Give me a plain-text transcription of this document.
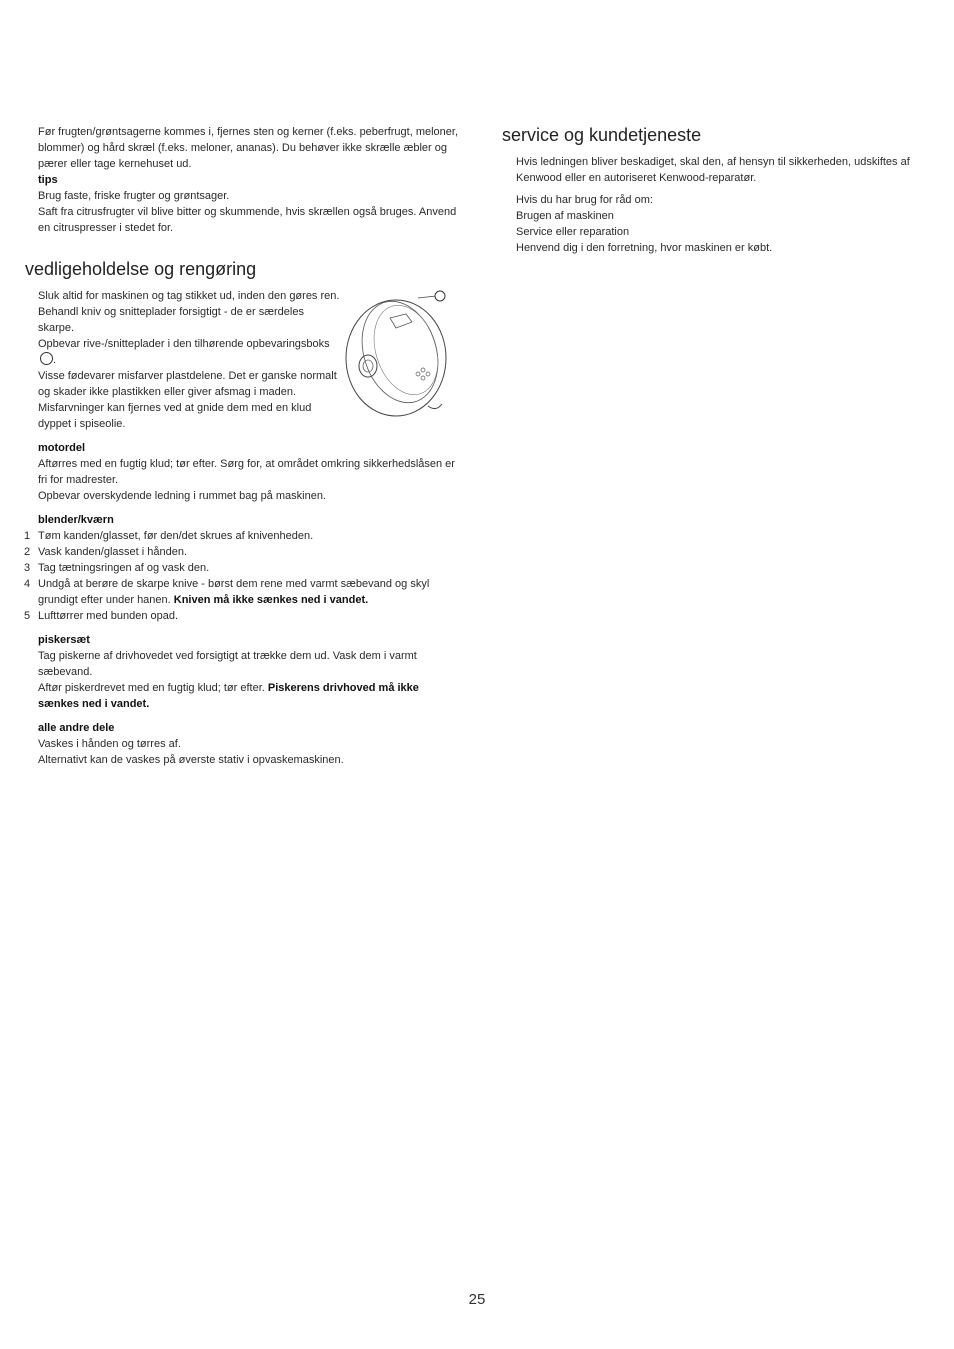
Før frugten/grøntsagerne kommes i, fjernes sten og kerner (f.eks. peberfrugt, meloner, blommer) og hård skræl (f.eks. meloner, ananas). Du behøver ikke skrælle æbler og pærer eller tage kernehuset ud.

tips

Brug faste, friske frugter og grøntsager.

Saft fra citrusfrugter vil blive bitter og skummende, hvis skrællen også bruges. Anvend en citruspresser i stedet for.

vedligeholdelse og rengøring

Sluk altid for maskinen og tag stikket ud, inden den gøres ren.

Behandl kniv og snitteplader forsigtigt - de er særdeles skarpe.

Opbevar rive-/snitteplader i den tilhørende opbevaringsboks .

Visse fødevarer misfarver plastdelene. Det er ganske normalt og skader ikke plastikken eller giver afsmag i maden. Misfarvninger kan fjernes ved at gnide dem med en klud dyppet i spiseolie.

motordel

Aftørres med en fugtig klud; tør efter. Sørg for, at området omkring sikkerhedslåsen er fri for madrester.

Opbevar overskydende ledning i rummet bag på maskinen.

blender/kværn

1 Tøm kanden/glasset, før den/det skrues af knivenheden.
2 Vask kanden/glasset i hånden.
3 Tag tætningsringen af og vask den.
4 Undgå at berøre de skarpe knive - børst dem rene med varmt sæbevand og skyl grundigt efter under hanen. Kniven må ikke sænkes ned i vandet.
5 Lufttørrer med bunden opad.

piskersæt

Tag piskerne af drivhovedet ved forsigtigt at trække dem ud. Vask dem i varmt sæbevand.

Aftør piskerdrevet med en fugtig klud; tør efter. Piskerens drivhoved må ikke sænkes ned i vandet.

alle andre dele

Vaskes i hånden og tørres af.

Alternativt kan de vaskes på øverste stativ i opvaskemaskinen.

service og kundetjeneste

Hvis ledningen bliver beskadiget, skal den, af hensyn til sikkerheden, udskiftes af Kenwood eller en autoriseret Kenwood-reparatør.

Hvis du har brug for råd om:

Brugen af maskinen

Service eller reparation

Henvend dig i den forretning, hvor maskinen er købt.

25
